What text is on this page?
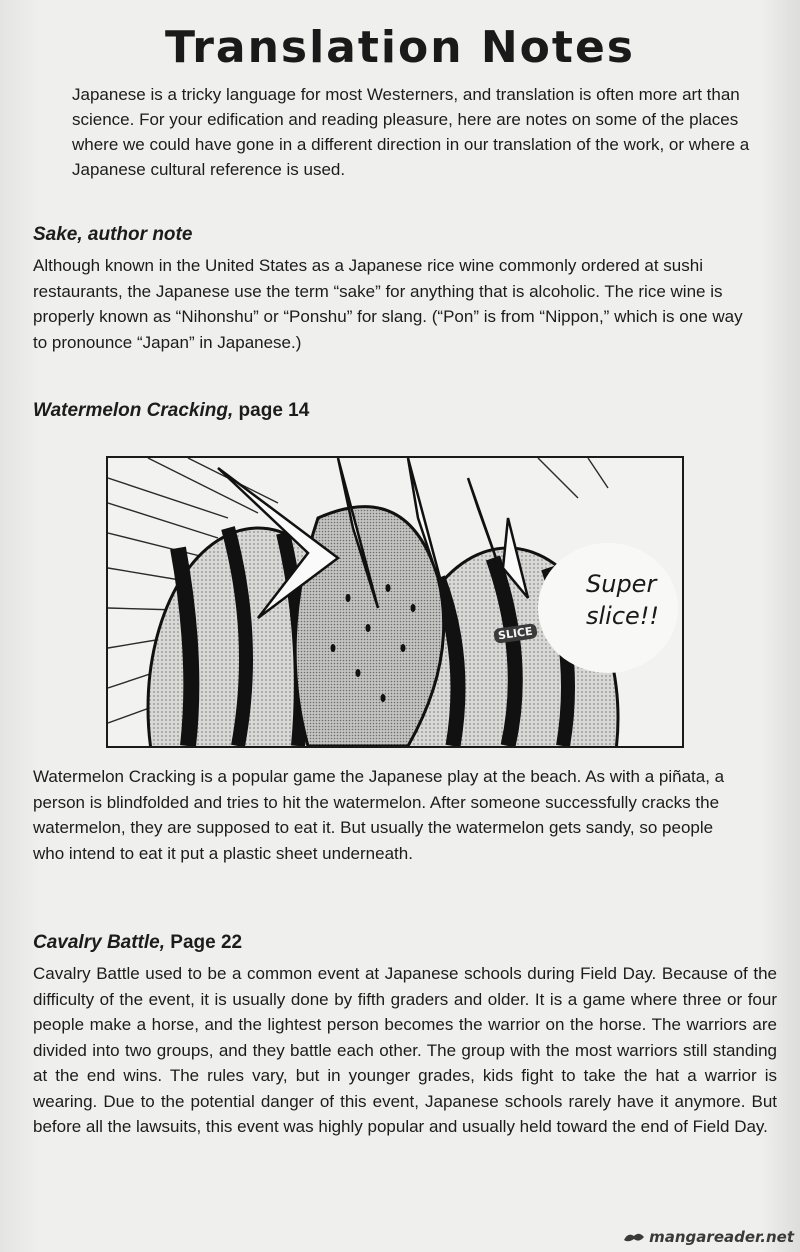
Translation Notes

Japanese is a tricky language for most Westerners, and translation is often more art than science. For your edification and reading pleasure, here are notes on some of the places where we could have gone in a different direction in our translation of the work, or where a Japanese cultural reference is used.

Sake, author note

Although known in the United States as a Japanese rice wine commonly ordered at sushi restaurants, the Japanese use the term “sake” for anything that is alcoholic. The rice wine is properly known as “Nihonshu” or “Ponshu” for slang. (“Pon” is from “Nippon,” which is one way to pronounce “Japan” in Japanese.)

Watermelon Cracking, page 14
Super
slice!!
SLICE

Watermelon Cracking is a popular game the Japanese play at the beach. As with a piñata, a person is blindfolded and tries to hit the watermelon. After someone successfully cracks the watermelon, they are supposed to eat it. But usually the watermelon gets sandy, so people who intend to eat it put a plastic sheet underneath.

Cavalry Battle, Page 22

Cavalry Battle used to be a common event at Japanese schools during Field Day. Because of the difficulty of the event, it is usually done by fifth graders and older. It is a game where three or four people make a horse, and the lightest person becomes the warrior on the horse. The warriors are divided into two groups, and they battle each other. The group with the most warriors still standing at the end wins. The rules vary, but in younger grades, kids fight to take the hat a warrior is wearing. Due to the potential danger of this event, Japanese schools rarely have it anymore. But before all the lawsuits, this event was highly popular and usually held toward the end of Field Day.

mangareader.net
